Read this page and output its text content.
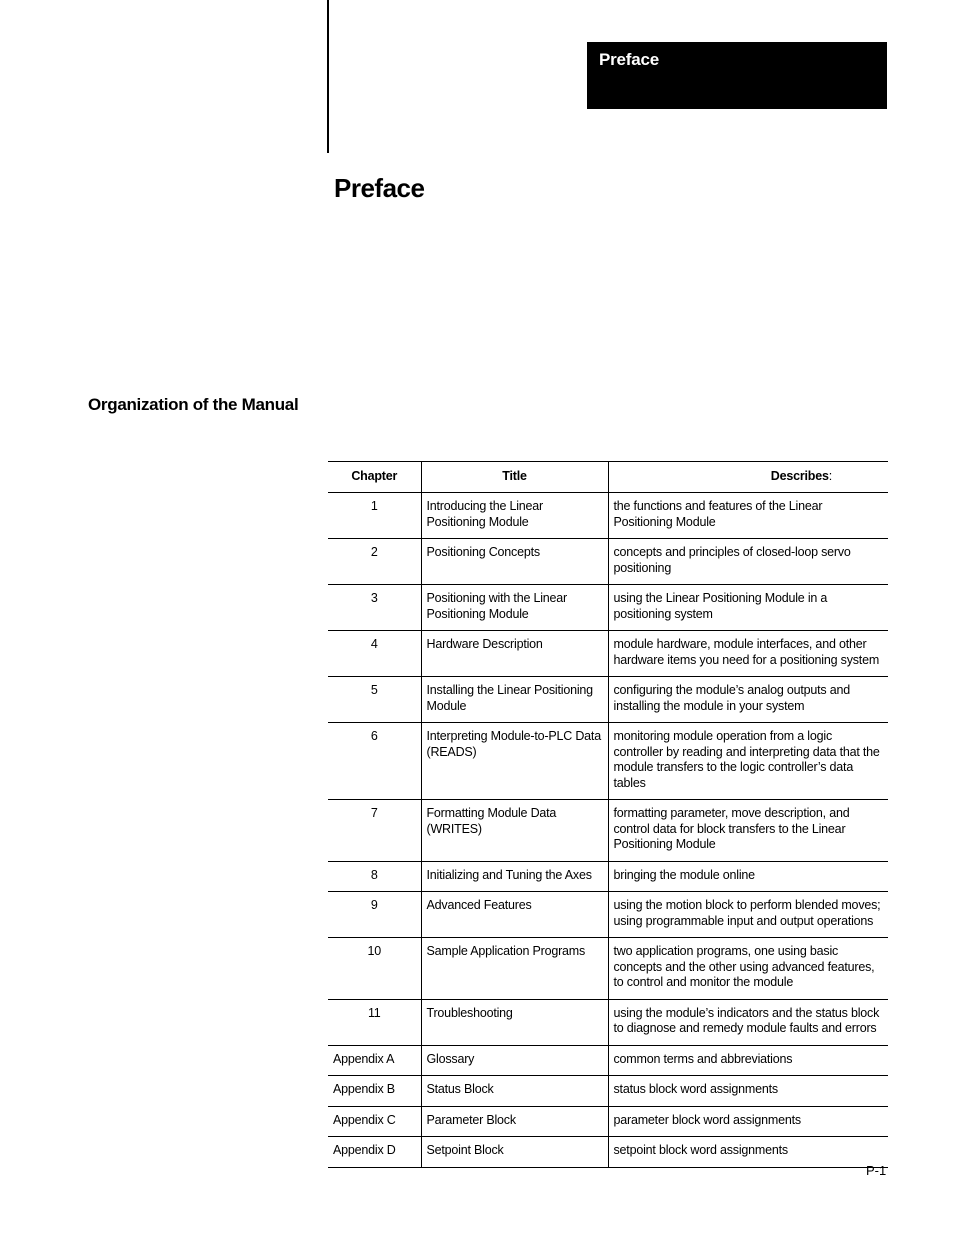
Preface
Preface
Organization of the Manual
Chapter	Title	Describes:
1	Introducing the Linear Positioning Module	the functions and features of the Linear Positioning Module
2	Positioning Concepts	concepts and principles of closed-loop servo positioning
3	Positioning with the Linear Positioning Module	using the Linear Positioning Module in a positioning system
4	Hardware Description	module hardware, module interfaces, and other hardware items you need for a positioning system
5	Installing the Linear Positioning Module	configuring the module’s analog outputs and installing the module in your system
6	Interpreting Module-to-PLC Data (READS)	monitoring module operation from a logic controller by reading and interpreting data that the module transfers to the logic controller’s data tables
7	Formatting Module Data (WRITES)	formatting parameter, move description, and control data for block transfers to the Linear Positioning Module
8	Initializing and Tuning the Axes	bringing the module online
9	Advanced Features	using the motion block to perform blended moves; using programmable input and output operations
10	Sample Application Programs	two application programs, one using basic concepts and the other using advanced features, to control and monitor the module
11	Troubleshooting	using the module’s indicators and the status block to diagnose and remedy module faults and errors
Appendix A	Glossary	common terms and abbreviations
Appendix B	Status Block	status block word assignments
Appendix C	Parameter Block	parameter block word assignments
Appendix D	Setpoint Block	setpoint block word assignments
P-1
